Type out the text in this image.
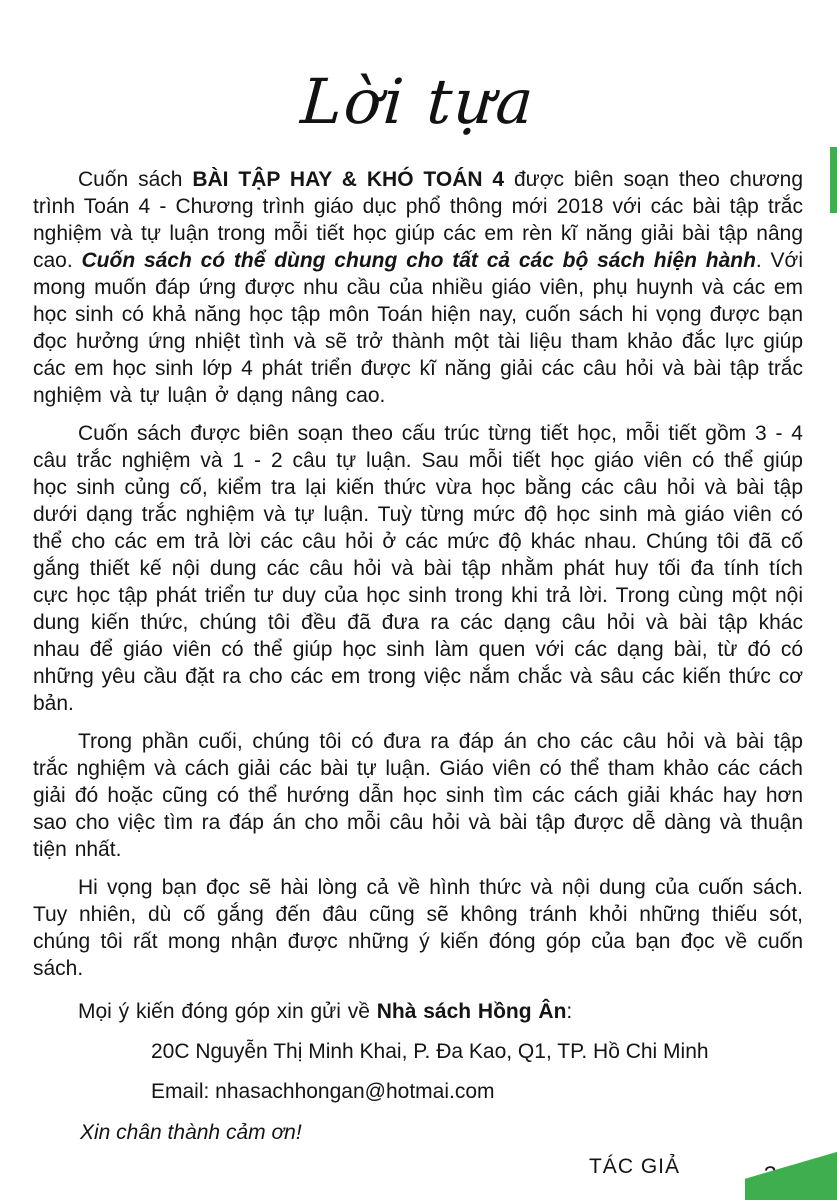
Lời tựa

Cuốn sách BÀI TẬP HAY & KHÓ TOÁN 4 được biên soạn theo chương trình Toán 4 - Chương trình giáo dục phổ thông mới 2018 với các bài tập trắc nghiệm và tự luận trong mỗi tiết học giúp các em rèn kĩ năng giải bài tập nâng cao. Cuốn sách có thể dùng chung cho tất cả các bộ sách hiện hành. Với mong muốn đáp ứng được nhu cầu của nhiều giáo viên, phụ huynh và các em học sinh có khả năng học tập môn Toán hiện nay, cuốn sách hi vọng được bạn đọc hưởng ứng nhiệt tình và sẽ trở thành một tài liệu tham khảo đắc lực giúp các em học sinh lớp 4 phát triển được kĩ năng giải các câu hỏi và bài tập trắc nghiệm và tự luận ở dạng nâng cao.

Cuốn sách được biên soạn theo cấu trúc từng tiết học, mỗi tiết gồm 3 - 4 câu trắc nghiệm và 1 - 2 câu tự luận. Sau mỗi tiết học giáo viên có thể giúp học sinh củng cố, kiểm tra lại kiến thức vừa học bằng các câu hỏi và bài tập dưới dạng trắc nghiệm và tự luận. Tuỳ từng mức độ học sinh mà giáo viên có thể cho các em trả lời các câu hỏi ở các mức độ khác nhau. Chúng tôi đã cố gắng thiết kế nội dung các câu hỏi và bài tập nhằm phát huy tối đa tính tích cực học tập phát triển tư duy của học sinh trong khi trả lời. Trong cùng một nội dung kiến thức, chúng tôi đều đã đưa ra các dạng câu hỏi và bài tập khác nhau để giáo viên có thể giúp học sinh làm quen với các dạng bài, từ đó có những yêu cầu đặt ra cho các em trong việc nắm chắc và sâu các kiến thức cơ bản.

Trong phần cuối, chúng tôi có đưa ra đáp án cho các câu hỏi và bài tập trắc nghiệm và cách giải các bài tự luận. Giáo viên có thể tham khảo các cách giải đó hoặc cũng có thể hướng dẫn học sinh tìm các cách giải khác hay hơn sao cho việc tìm ra đáp án cho mỗi câu hỏi và bài tập được dễ dàng và thuận tiện nhất.

Hi vọng bạn đọc sẽ hài lòng cả về hình thức và nội dung của cuốn sách. Tuy nhiên, dù cố gắng đến đâu cũng sẽ không tránh khỏi những thiếu sót, chúng tôi rất mong nhận được những ý kiến đóng góp của bạn đọc về cuốn sách.

Mọi ý kiến đóng góp xin gửi về Nhà sách Hồng Ân:
20C Nguyễn Thị Minh Khai, P. Đa Kao, Q1, TP. Hồ Chi Minh
Email: nhasachhongan@hotmai.com
Xin chân thành cảm ơn!
TÁC GIẢ
